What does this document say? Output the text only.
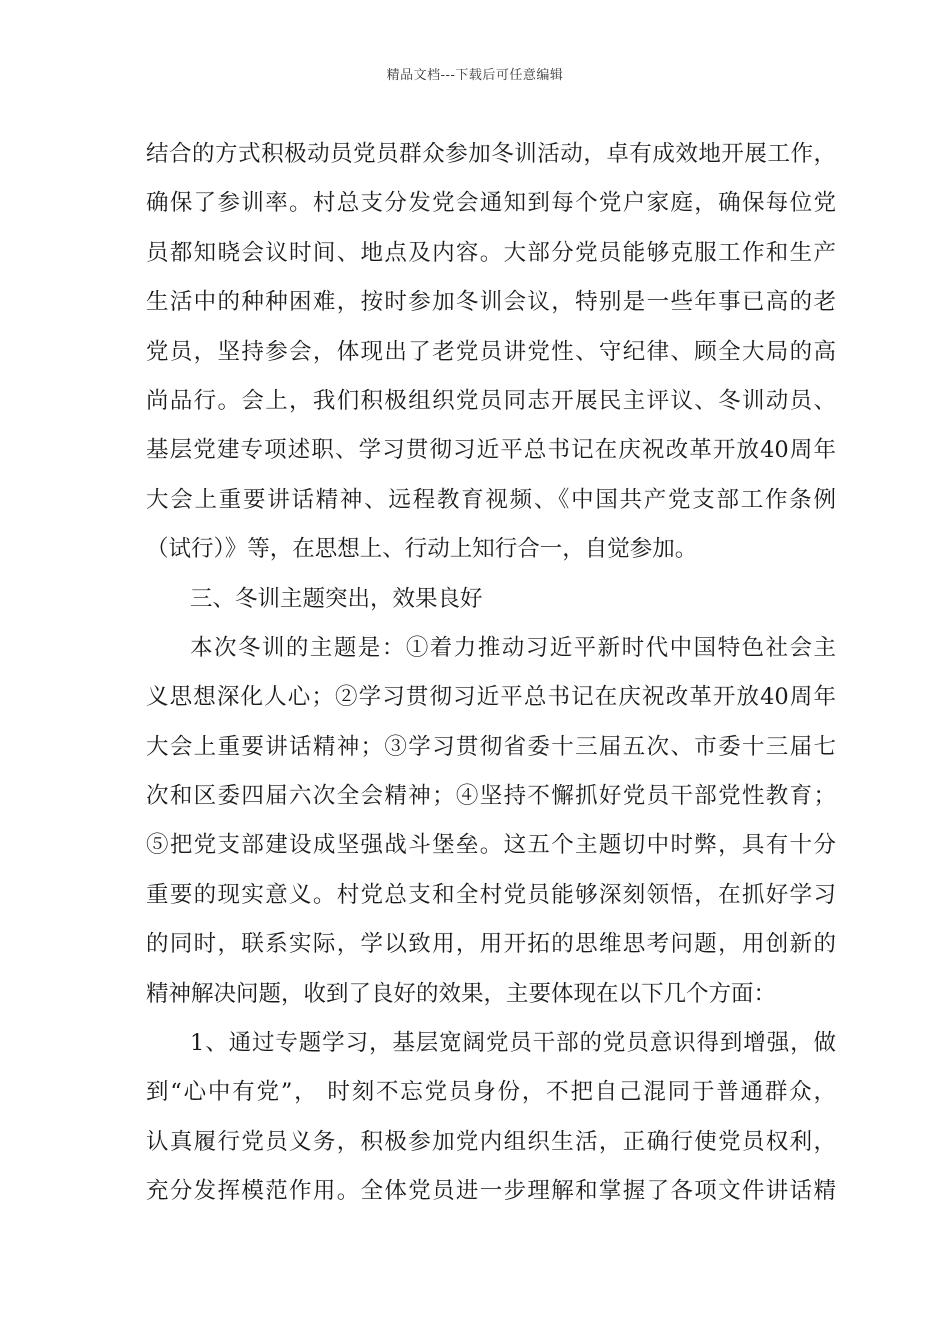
精品文档---下载后可任意编辑
结合的方式积极动员党员群众参加冬训活动，卓有成效地开展工作，
确保了参训率。村总支分发党会通知到每个党户家庭，确保每位党
员都知晓会议时间、地点及内容。大部分党员能够克服工作和生产
生活中的种种困难，按时参加冬训会议，特别是一些年事已高的老
党员，坚持参会，体现出了老党员讲党性、守纪律、顾全大局的高
尚品行。会上，我们积极组织党员同志开展民主评议、冬训动员、
基层党建专项述职、学习贯彻习近平总书记在庆祝改革开放40周年
大会上重要讲话精神、远程教育视频、《中国共产党支部工作条例
（试行）》等，在思想上、行动上知行合一，自觉参加。
三、冬训主题突出，效果良好
本次冬训的主题是：①着力推动习近平新时代中国特色社会主
义思想深化人心；②学习贯彻习近平总书记在庆祝改革开放40周年
大会上重要讲话精神；③学习贯彻省委十三届五次、市委十三届七
次和区委四届六次全会精神；④坚持不懈抓好党员干部党性教育；
⑤把党支部建设成坚强战斗堡垒。这五个主题切中时弊，具有十分
重要的现实意义。村党总支和全村党员能够深刻领悟，在抓好学习
的同时，联系实际，学以致用，用开拓的思维思考问题，用创新的
精神解决问题，收到了良好的效果，主要体现在以下几个方面：
1、通过专题学习，基层宽阔党员干部的党员意识得到增强，做
到“心中有党”， 时刻不忘党员身份，不把自己混同于普通群众，
认真履行党员义务，积极参加党内组织生活，正确行使党员权利，
充分发挥模范作用。全体党员进一步理解和掌握了各项文件讲话精
